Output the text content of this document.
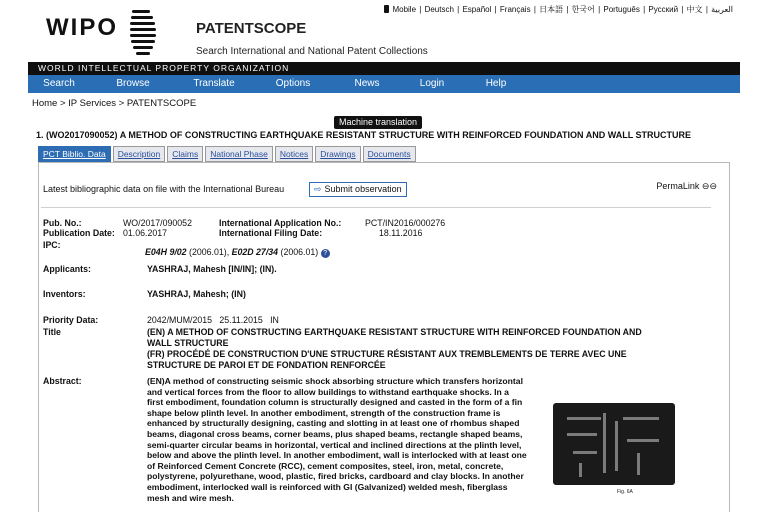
WIPO	PATENTSCOPE
Search International and National Patent Collections
Mobile | Deutsch | Español | Français | 日本語 | 한국어 | Português | Русский | 中文 | العربية
WORLD INTELLECTUAL PROPERTY ORGANIZATION
Search	Browse	Translate	Options	News	Login	Help
Home > IP Services > PATENTSCOPE
Machine translation
1. (WO2017090052) A METHOD OF CONSTRUCTING EARTHQUAKE RESISTANT STRUCTURE WITH REINFORCED FOUNDATION AND WALL STRUCTURE
PCT Biblio. Data	Description	Claims	National Phase	Notices	Drawings	Documents
Latest bibliographic data on file with the International Bureau	⇨ Submit observation	PermaLink ⊖⊖
Pub. No.:	WO/2017/090052
Publication Date: 01.06.2017
International Application No.:	PCT/IN2016/000276
International Filing Date:	18.11.2016
IPC:
E04H 9/02 (2006.01), E02D 27/34 (2006.01) ?
Applicants:	YASHRAJ, Mahesh [IN/IN]; (IN).
Inventors:	YASHRAJ, Mahesh; (IN)
Priority Data:	2042/MUM/2015   25.11.2015   IN
Title	(EN) A METHOD OF CONSTRUCTING EARTHQUAKE RESISTANT STRUCTURE WITH REINFORCED FOUNDATION AND WALL STRUCTURE
(FR) PROCÉDÉ DE CONSTRUCTION D'UNE STRUCTURE RÉSISTANT AUX TREMBLEMENTS DE TERRE AVEC UNE STRUCTURE DE PAROI ET DE FONDATION RENFORCÉE
Abstract:	(EN)A method of constructing seismic shock absorbing structure which transfers horizontal and vertical forces from the floor to allow buildings to withstand earthquake shocks. In a first embodiment, foundation column is structurally designed and casted in the form of a fin shape below plinth level. In another embodiment, strength of the construction frame is enhanced by structurally designing, casting and slotting in at least one of rhombus shaped beams, diagonal cross beams, corner beams, plus shaped beams, rectangle shaped beams, semi-quarter circular beams in horizontal, vertical and inclined directions at the plinth level, below and above the plinth level. In another embodiment, wall is interlocked with at least one of Reinforced Cement Concrete (RCC), cement composites, steel, iron, metal, concrete, polystyrene, polyurethane, wood, plastic, fired bricks, cardboard and clay blocks. In another embodiment, interlocked wall is reinforced with GI (Galvanized) welded mesh, fiberglass mesh and wire mesh.
Fig. 6A
